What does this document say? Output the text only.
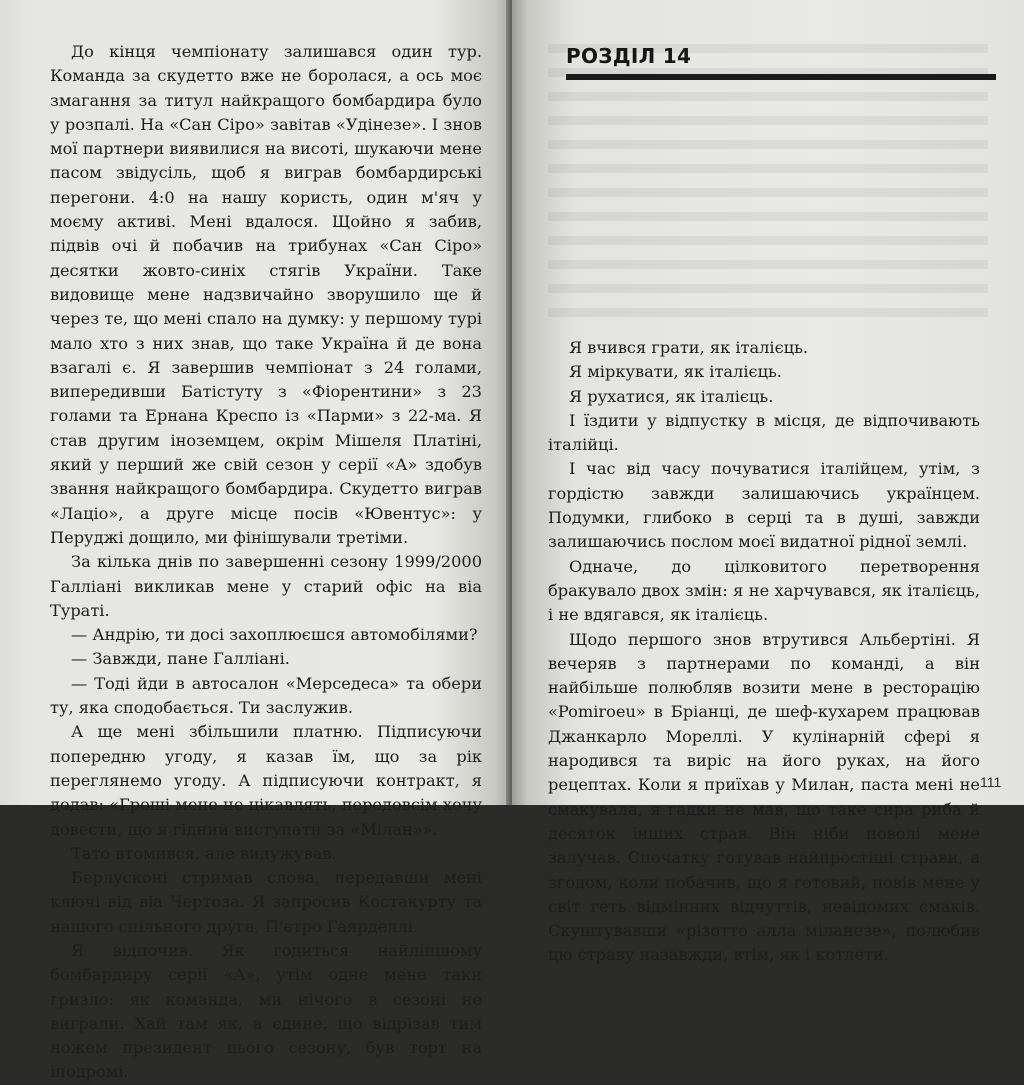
До кінця чемпіонату залишався один тур. Команда за скудетто вже не боролася, а ось моє змагання за титул найкращого бомбардира було у розпалі. На «Сан Сіро» завітав «Удінезе». І знов мої партнери виявилися на висоті, шукаючи мене пасом звідусіль, щоб я виграв бомбардирські перегони. 4:0 на нашу користь, один м'яч у моєму активі. Мені вдалося. Щойно я забив, підвів очі й побачив на трибунах «Сан Сіро» десятки жовто-синіх стягів України. Таке видовище мене надзвичайно зворушило ще й через те, що мені спало на думку: у першому турі мало хто з них знав, що таке Україна й де вона взагалі є. Я завершив чемпіонат з 24 голами, випередивши Батістуту з «Фіорентини» з 23 голами та Ернана Креспо із «Парми» з 22-ма. Я став другим іноземцем, окрім Мішеля Платіні, який у перший же свій сезон у серії «А» здобув звання найкращого бомбардира. Скудетто виграв «Лаціо», а друге місце посів «Ювентус»: у Перуджі дощило, ми фінішували третіми.

За кілька днів по завершенні сезону 1999/2000 Галліані викликав мене у старий офіс на віа Тураті.

— Андрію, ти досі захоплюєшся автомобілями?

— Завжди, пане Галліані.

— Тоді йди в автосалон «Мерседеса» та обери ту, яка сподобається. Ти заслужив.

А ще мені збільшили платню. Підписуючи попередню угоду, я казав їм, що за рік переглянемо угоду. А підписуючи контракт, я додав: «Гроші мене не цікавлять, передовсім хочу довести, що я гідний виступати за «Мілан»».

Тато втомився, але видужував.

Берлусконі стримав слова, передавши мені ключі від віа Чертоза. Я запросив Костакурту та нашого спільного друга, П'єтро Гаярделлі.

Я відпочив. Як годиться найліпшому бомбардиру серії «А», утім одне мене таки гризло: як команда, ми нічого в сезоні не виграли. Хай там як, а єдине, що відрізав тим ножем президент цього сезону, був торт на іподромі.

РОЗДІЛ 14

Я вчився грати, як італієць.

Я міркувати, як італієць.

Я рухатися, як італієць.

І їздити у відпустку в місця, де відпочивають італійці.

І час від часу почуватися італійцем, утім, з гордістю завжди залишаючись українцем. Подумки, глибоко в серці та в душі, завжди залишаючись послом моєї видатної рідної землі.

Одначе, до цілковитого перетворення бракувало двох змін: я не харчувався, як італієць, і не вдягався, як італієць.

Щодо першого знов втрутився Альбертіні. Я вечеряв з партнерами по команді, а він найбільше полюбляв возити мене в ресторацію «Pomiroeu» в Бріанці, де шеф-кухарем працював Джанкарло Мореллі. У кулінарній сфері я народився та виріс на його руках, на його рецептах. Коли я приїхав у Милан, паста мені не смакувала, я гадки не мав, що таке сира риба й десяток інших страв. Він ніби поволі мене залучав. Спочатку готував найпростіші страви, а згодом, коли побачив, що я готовий, повів мене у світ геть відмінних відчуттів, невідомих смаків. Скуштувавши «різотто алла міланезе», полюбив цю страву назавжди, втім, як і котлети.

111
